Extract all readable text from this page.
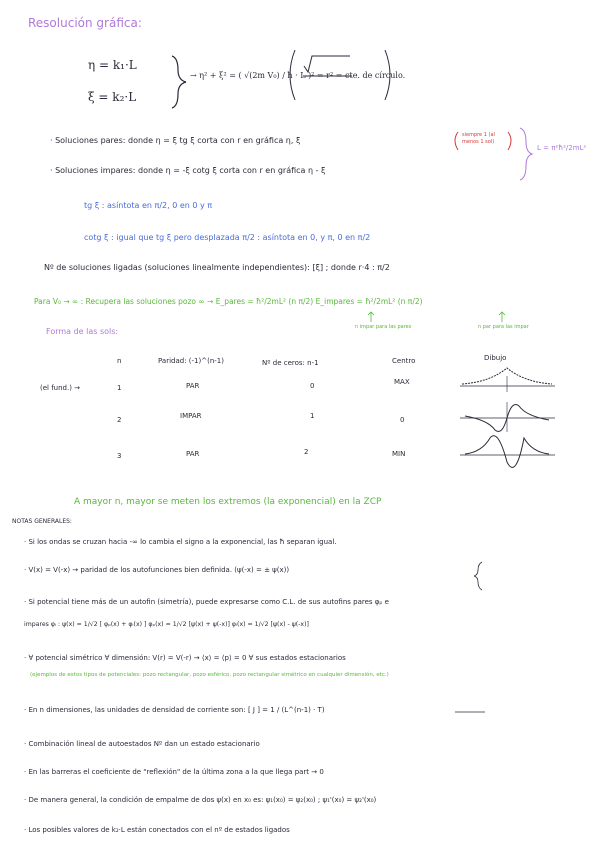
Resolución gráfica:
η = k₁·L
ξ = k₂·L
→ η² + ξ² = ( √(2m V₀) / ħ · L )² = r² = cte. de círculo.
· Soluciones pares: donde η = ξ tg ξ corta con r en gráfica η, ξ
siempre 1 (al menos 1 sol)
L = π²ħ²/2mL²
· Soluciones impares: donde η = -ξ cotg ξ corta con r en gráfica η - ξ
tg ξ : asíntota en π/2, 0 en 0 y π
cotg ξ : igual que tg ξ pero desplazada π/2 : asíntota en 0, y π, 0 en π/2
Nº de soluciones ligadas (soluciones linealmente independientes): [ξ] ; donde r·4 : π/2
Para V₀ → ∞ : Recupera las soluciones pozo ∞ → E_pares = ħ²/2mL² (n π/2) E_impares = ħ²/2mL² (n π/2)
n impar para las pares	n par para las impar
Forma de las sols:
n	Paridad: (-1)^(n-1)	Nº de ceros: n-1	Centro	Dibujo
(el fund.) →	1	PAR	0	MAX
2	IMPAR	1	0
3	PAR	2	MIN
A mayor n, mayor se meten los extremos (la exponencial) en la ZCP
NOTAS GENERALES:
· Si los ondas se cruzan hacia -∞ lo cambia el signo a la exponencial, las ħ separan igual.
· V(x) = V(-x) → paridad de los autofunciones bien definida. (ψ(-x) = ± ψ(x))
· Si potencial tiene más de un autofin (simetría), puede expresarse como C.L. de sus autofins pares φₚ e
impares φᵢ : ψ(x) = 1/√2 [ φₚ(x) + φᵢ(x) ] φₚ(x) = 1/√2 [ψ(x) + ψ(-x)] φᵢ(x) = 1/√2 [ψ(x) - ψ(-x)]
· ∀ potencial simétrico ∀ dimensión: V(r) = V(-r) → ⟨x⟩ = ⟨p⟩ = 0 ∀ sus estados estacionarios
(ejemplos de estos tipos de potenciales: pozo rectangular, pozo esférico, pozo rectangular simétrico en cualquier dimensión, etc.)
· En n dimensiones, las unidades de densidad de corriente son: [ J ] = 1 / (L^(n-1) · T)
· Combinación lineal de autoestados Nº dan un estado estacionario
· En las barreras el coeficiente de "reflexión" de la última zona a la que llega part → 0
· De manera general, la condición de empalme de dos ψ(x) en x₀ es: ψ₁(x₀) = ψ₂(x₀) ; ψ₁'(x₀) = ψ₂'(x₀)
· Los posibles valores de k₂·L están conectados con el nº de estados ligados
